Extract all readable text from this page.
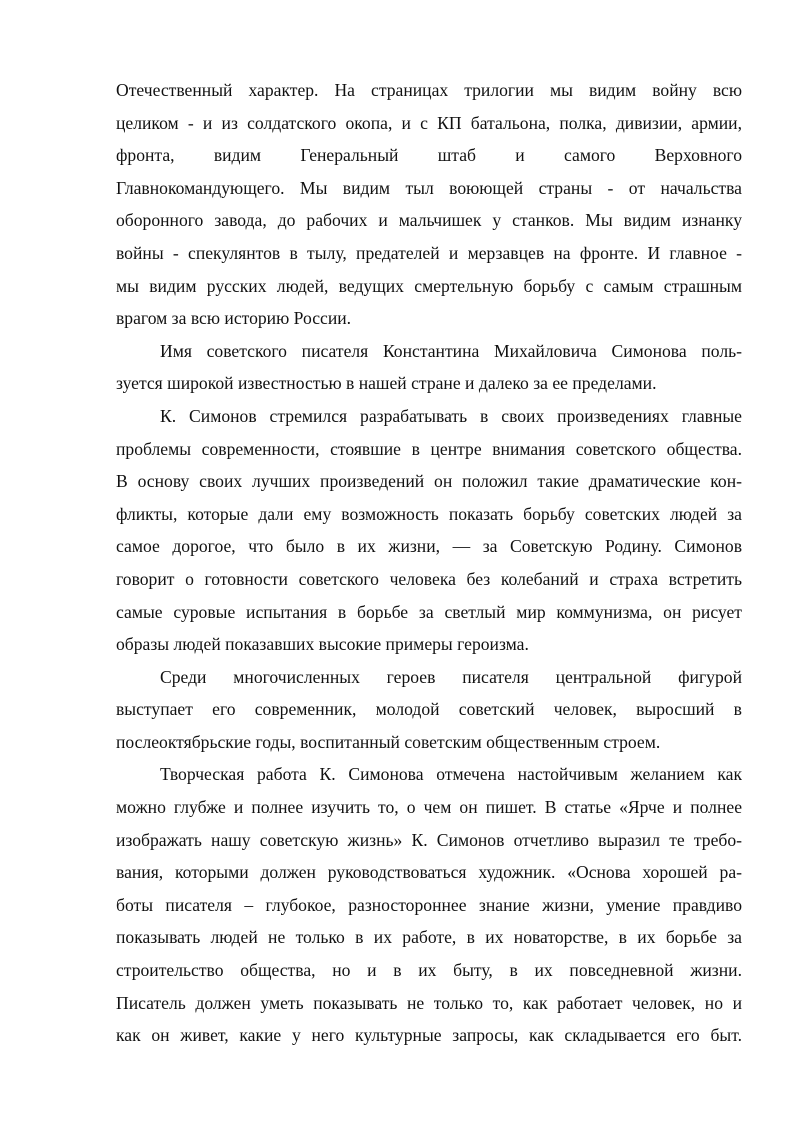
Отечественный характер. На страницах трилогии мы видим войну всю
целиком - и из солдатского окопа, и с КП батальона, полка, дивизии, армии,
фронта, видим Генеральный штаб и самого Верховного
Главнокомандующего. Мы видим тыл воюющей страны - от начальства
оборонного завода, до рабочих и мальчишек у станков. Мы видим изнанку
войны - спекулянтов в тылу, предателей и мерзавцев на фронте. И главное -
мы видим русских людей, ведущих смертельную борьбу с самым страшным
врагом за всю историю России.
Имя советского писателя Константина Михайловича Симонова поль-
зуется широкой известностью в нашей стране и далеко за ее пределами.
К. Симонов стремился разрабатывать в своих произведениях главные
проблемы современности, стоявшие в центре внимания советского общества.
В основу своих лучших произведений он положил такие драматические кон-
фликты, которые дали ему возможность показать борьбу советских людей за
самое дорогое, что было в их жизни, — за Советскую Родину. Симонов
говорит о готовности советского человека без колебаний и страха встретить
самые суровые испытания в борьбе за светлый мир коммунизма, он рисует
образы людей показавших высокие примеры героизма.
Среди многочисленных героев писателя центральной фигурой
выступает его современник, молодой советский человек, выросший в
послеоктябрьские годы, воспитанный советским общественным строем.
Творческая работа К. Симонова отмечена настойчивым желанием как
можно глубже и полнее изучить то, о чем он пишет. В статье «Ярче и полнее
изображать нашу советскую жизнь» К. Симонов отчетливо выразил те требо-
вания, которыми должен руководствоваться художник. «Основа хорошей ра-
боты писателя – глубокое, разностороннее знание жизни, умение правдиво
показывать людей не только в их работе, в их новаторстве, в их борьбе за
строительство общества, но и в их быту, в их повседневной жизни.
Писатель должен уметь показывать не только то, как работает человек, но и
как он живет, какие у него культурные запросы, как складывается его быт.
